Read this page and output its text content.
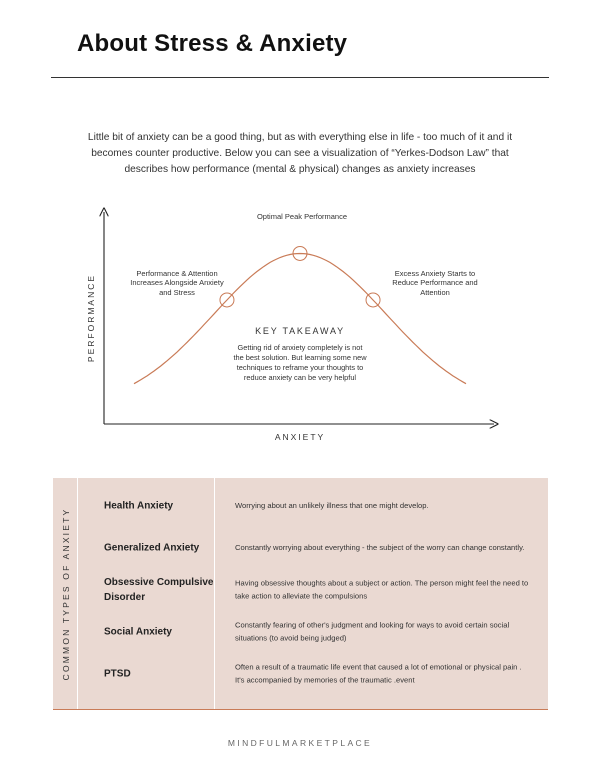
About Stress & Anxiety
Little bit of anxiety can be a good thing, but as with everything else in life - too much of it and it becomes counter productive. Below you can see a visualization of “Yerkes-Dodson Law” that describes how performance (mental & physical) changes as anxiety increases
PERFORMANCE
ANXIETY
Optimal Peak Performance
Performance & Attention
Increases Alongside Anxiety
and Stress
Excess Anxiety Starts to
Reduce Performance and
Attention
KEY TAKEAWAY
Getting rid of anxiety completely is not
the best solution. But learning some new
techniques to reframe your thoughts to
reduce anxiety can be very helpful
COMMON TYPES OF ANXIETY
Health Anxiety	Worrying about an unlikely illness that one might develop.
Generalized Anxiety	Constantly worrying about everything - the subject of the worry can change constantly.
Obsessive Compulsive Disorder
Having obsessive thoughts about a subject or action. The person might feel the need to take action to alleviate the compulsions
Social Anxiety
Constantly fearing of other's judgment and looking for ways to avoid certain social situations (to avoid being judged)
PTSD
Often a result of a traumatic life event that caused a lot of emotional or physical pain . It's accompanied by memories of the traumatic .event
MINDFULMARKETPLACE
